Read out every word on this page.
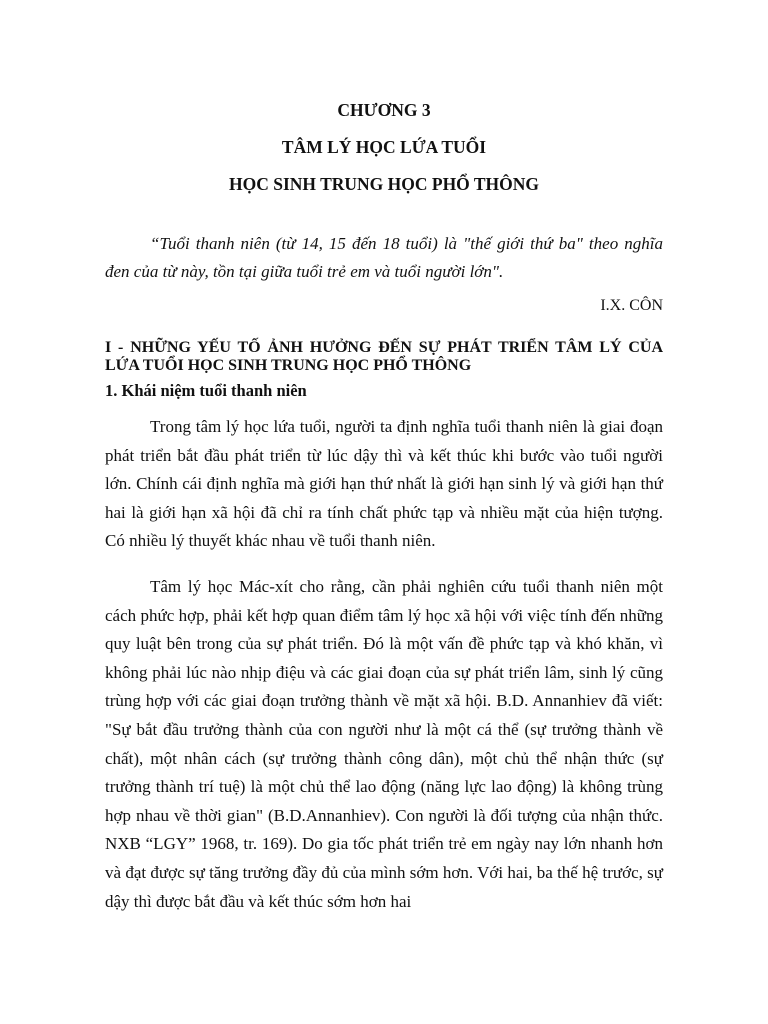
CHƯƠNG 3
TÂM LÝ HỌC LỨA TUỔI
HỌC SINH TRUNG HỌC PHỔ THÔNG
“Tuổi thanh niên (từ 14, 15 đến 18 tuổi) là "thế giới thứ ba" theo nghĩa đen của từ này, tồn tại giữa tuổi trẻ em và tuổi người lớn".
I.X. CÔN
I - NHỮNG YẾU TỐ ẢNH HƯỞNG ĐẾN SỰ PHÁT TRIỂN TÂM LÝ CỦA LỨA TUỔI HỌC SINH TRUNG HỌC PHỔ THÔNG
1. Khái niệm tuổi thanh niên

Trong tâm lý học lứa tuổi, người ta định nghĩa tuổi thanh niên là giai đoạn phát triển bắt đầu phát triển từ lúc dậy thì và kết thúc khi bước vào tuổi người lớn. Chính cái định nghĩa mà giới hạn thứ nhất là giới hạn sinh lý và giới hạn thứ hai là giới hạn xã hội đã chỉ ra tính chất phức tạp và nhiều mặt của hiện tượng. Có nhiều lý thuyết khác nhau về tuổi thanh niên.

Tâm lý học Mác-xít cho rằng, cần phải nghiên cứu tuổi thanh niên một cách phức hợp, phải kết hợp quan điểm tâm lý học xã hội với việc tính đến những quy luật bên trong của sự phát triển. Đó là một vấn đề phức tạp và khó khăn, vì không phải lúc nào nhịp điệu và các giai đoạn của sự phát triển lâm, sinh lý cũng trùng hợp với các giai đoạn trưởng thành về mặt xã hội. B.D. Annanhiev đã viết: "Sự bắt đầu trưởng thành của con người như là một cá thể (sự trưởng thành về chất), một nhân cách (sự trưởng thành công dân), một chủ thể nhận thức (sự trưởng thành trí tuệ) là một chủ thể lao động (năng lực lao động) là không trùng hợp nhau về thời gian" (B.D.Annanhiev). Con người là đối tượng của nhận thức. NXB “LGY” 1968, tr. 169). Do gia tốc phát triển trẻ em ngày nay lớn nhanh hơn và đạt được sự tăng trưởng đầy đủ của mình sớm hơn. Với hai, ba thế hệ trước, sự dậy thì được bắt đầu và kết thúc sớm hơn hai
